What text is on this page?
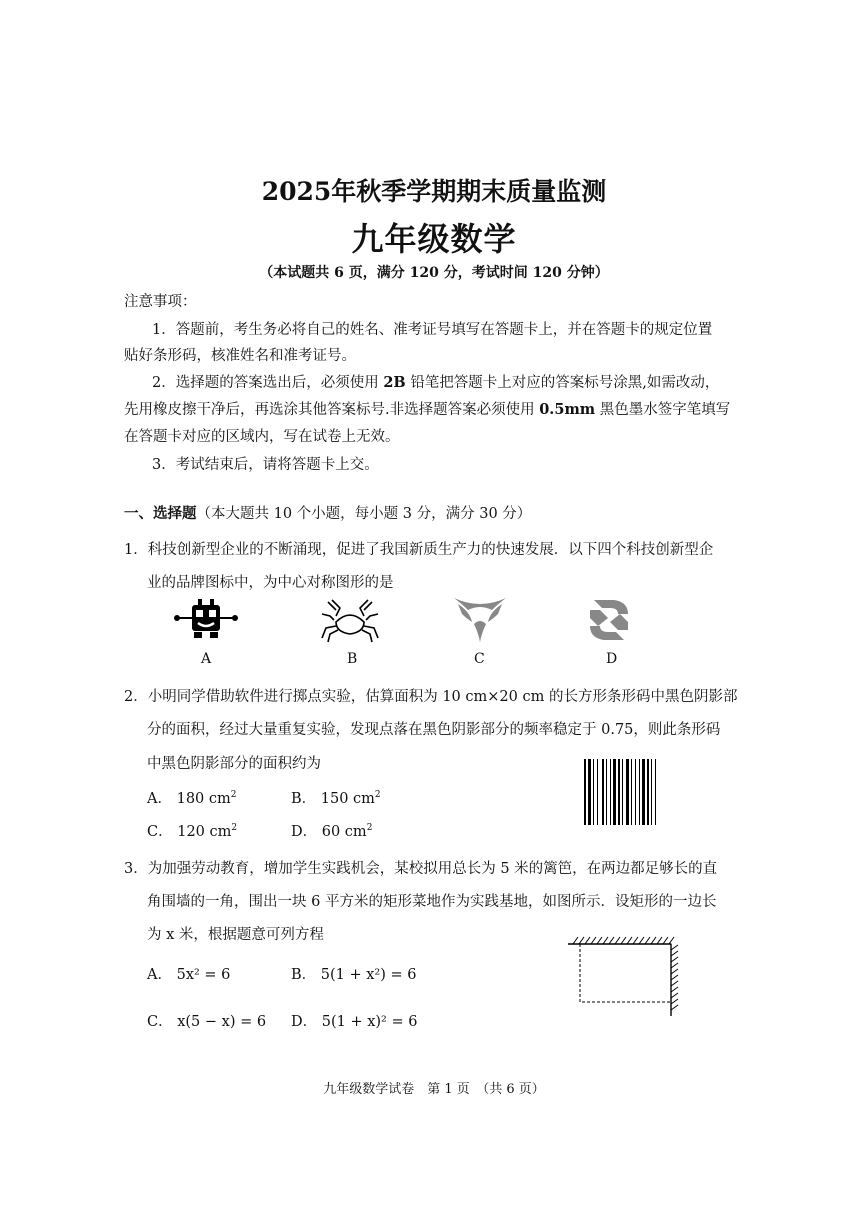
2025年秋季学期期末质量监测
九年级数学
（本试题共 6 页，满分 120 分，考试时间 120 分钟）
注意事项：
1．答题前，考生务必将自己的姓名、准考证号填写在答题卡上，并在答题卡的规定位置
贴好条形码，核准姓名和准考证号。
2．选择题的答案选出后，必须使用 2B 铅笔把答题卡上对应的答案标号涂黑,如需改动，
先用橡皮擦干净后，再选涂其他答案标号.非选择题答案必须使用 0.5mm 黑色墨水签字笔填写
在答题卡对应的区域内，写在试卷上无效。
3．考试结束后，请将答题卡上交。
一、选择题（本大题共 10 个小题，每小题 3 分，满分 30 分）
1．科技创新型企业的不断涌现，促进了我国新质生产力的快速发展．以下四个科技创新型企
业的品牌图标中，为中心对称图形的是
A	B	C	D
2．小明同学借助软件进行掷点实验，估算面积为 10 cm×20 cm 的长方形条形码中黑色阴影部
分的面积，经过大量重复实验，发现点落在黑色阴影部分的频率稳定于 0.75，则此条形码
中黑色阴影部分的面积约为
A． 180 $cm^2$	B． 150 $cm^2$
C． 120 $cm^2$	D． 60 $cm^2$
3．为加强劳动教育，增加学生实践机会，某校拟用总长为 5 米的篱笆，在两边都足够长的直
角围墙的一角，围出一块 6 平方米的矩形菜地作为实践基地，如图所示．设矩形的一边长
为 x 米，根据题意可列方程
A． 5x² = 6	B． 5(1 + x²) = 6
C． x(5 − x) = 6 D． 5(1 + x)² = 6
九年级数学试卷　第 1 页　（共 6 页）
